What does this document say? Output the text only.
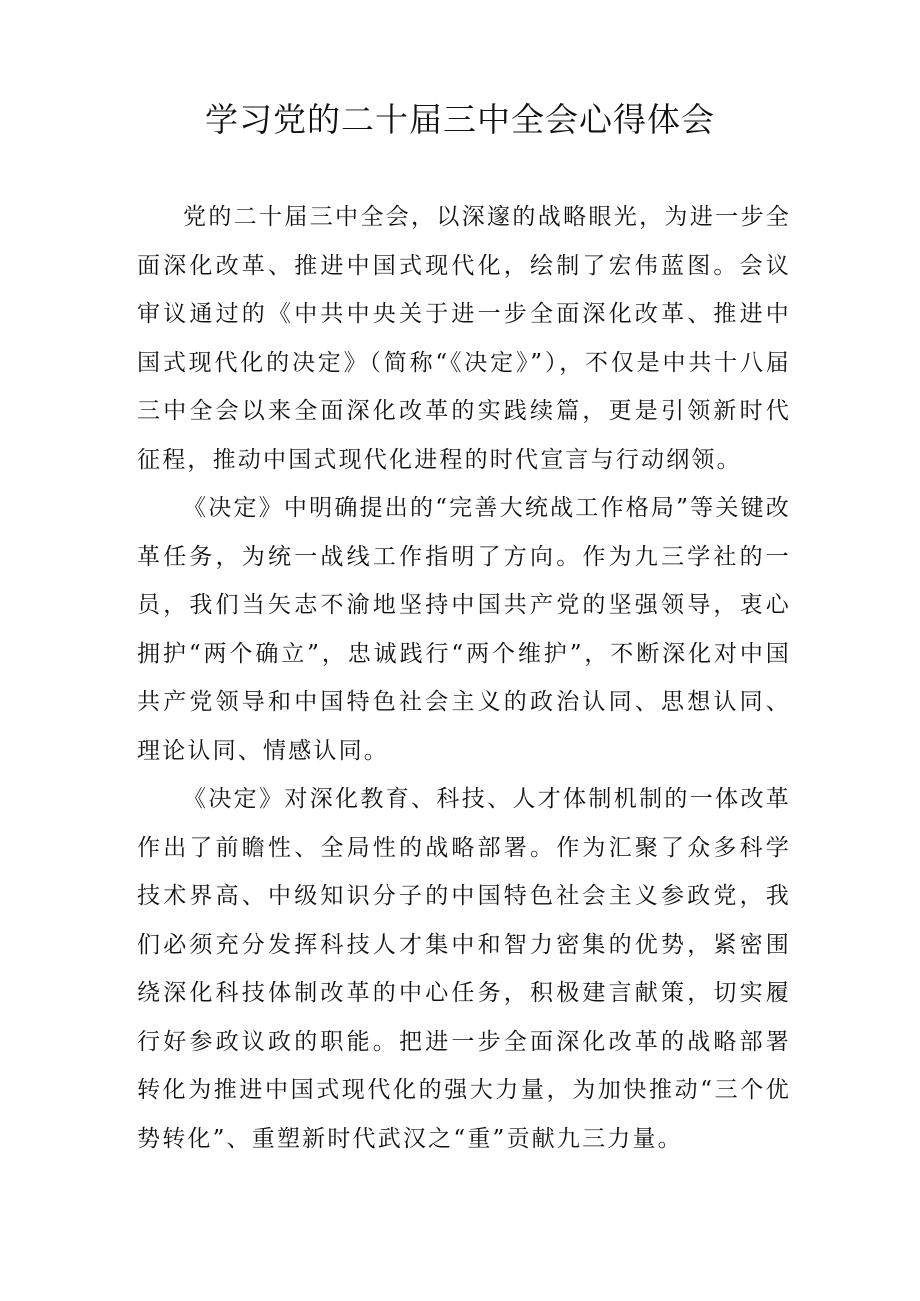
学习党的二十届三中全会心得体会

党的二十届三中全会，以深邃的战略眼光，为进一步全面深化改革、推进中国式现代化，绘制了宏伟蓝图。会议审议通过的《中共中央关于进一步全面深化改革、推进中国式现代化的决定》（简称“《决定》”），不仅是中共十八届三中全会以来全面深化改革的实践续篇，更是引领新时代征程，推动中国式现代化进程的时代宣言与行动纲领。

《决定》中明确提出的“完善大统战工作格局”等关键改革任务，为统一战线工作指明了方向。作为九三学社的一员，我们当矢志不渝地坚持中国共产党的坚强领导，衷心拥护“两个确立”，忠诚践行“两个维护”，不断深化对中国共产党领导和中国特色社会主义的政治认同、思想认同、理论认同、情感认同。

《决定》对深化教育、科技、人才体制机制的一体改革作出了前瞻性、全局性的战略部署。作为汇聚了众多科学技术界高、中级知识分子的中国特色社会主义参政党，我们必须充分发挥科技人才集中和智力密集的优势，紧密围绕深化科技体制改革的中心任务，积极建言献策，切实履行好参政议政的职能。把进一步全面深化改革的战略部署转化为推进中国式现代化的强大力量，为加快推动“三个优势转化”、重塑新时代武汉之“重”贡献九三力量。
